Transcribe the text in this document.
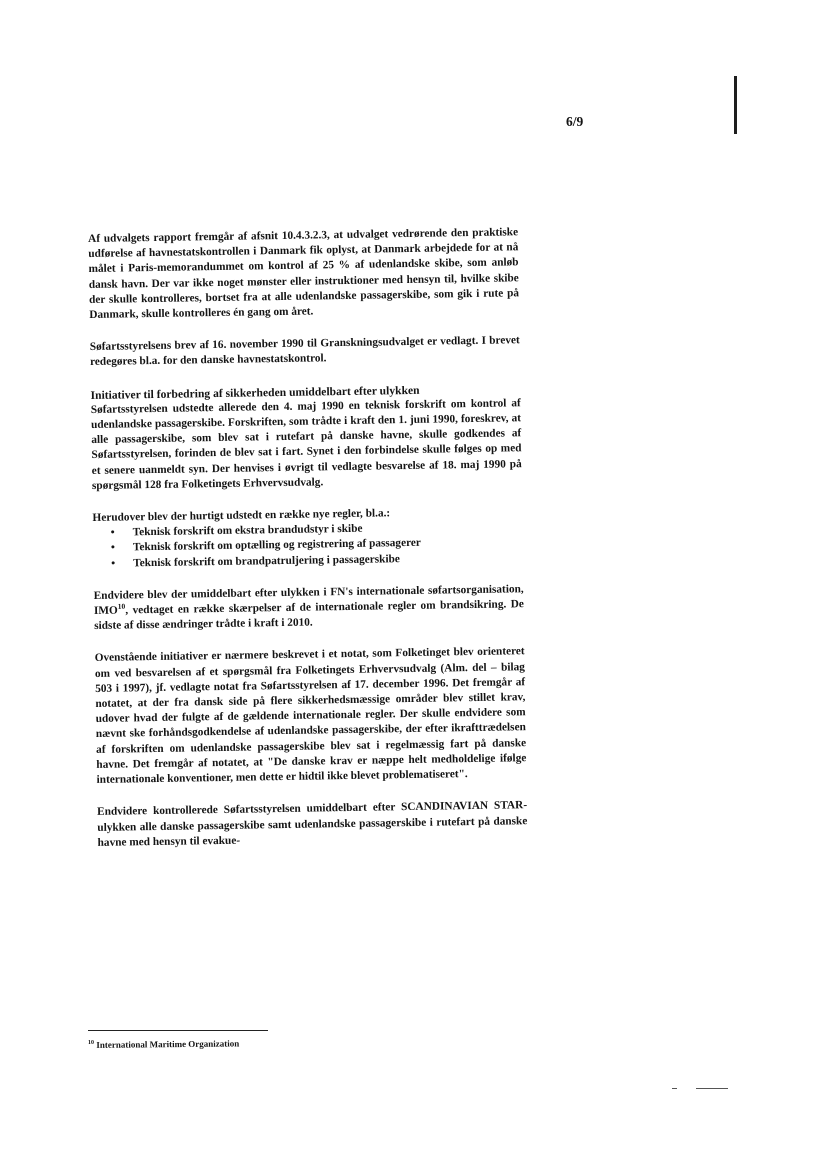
6/9

Af udvalgets rapport fremgår af afsnit 10.4.3.2.3, at udvalget vedrørende den praktiske udførelse af havnestatskontrollen i Danmark fik oplyst, at Danmark arbejdede for at nå målet i Paris-memorandummet om kontrol af 25 % af udenlandske skibe, som anløb dansk havn. Der var ikke noget mønster eller instruktioner med hensyn til, hvilke skibe der skulle kontrolleres, bortset fra at alle udenlandske passagerskibe, som gik i rute på Danmark, skulle kontrolleres én gang om året.

Søfartsstyrelsens brev af 16. november 1990 til Granskningsudvalget er vedlagt. I brevet redegøres bl.a. for den danske havnestatskontrol.

Initiativer til forbedring af sikkerheden umiddelbart efter ulykken

Søfartsstyrelsen udstedte allerede den 4. maj 1990 en teknisk forskrift om kontrol af udenlandske passagerskibe. Forskriften, som trådte i kraft den 1. juni 1990, foreskrev, at alle passagerskibe, som blev sat i rutefart på danske havne, skulle godkendes af Søfartsstyrelsen, forinden de blev sat i fart. Synet i den forbindelse skulle følges op med et senere uanmeldt syn. Der henvises i øvrigt til vedlagte besvarelse af 18. maj 1990 på spørgsmål 128 fra Folketingets Erhvervsudvalg.

Herudover blev der hurtigt udstedt en række nye regler, bl.a.:

• Teknisk forskrift om ekstra brandudstyr i skibe
• Teknisk forskrift om optælling og registrering af passagerer
• Teknisk forskrift om brandpatruljering i passagerskibe

Endvidere blev der umiddelbart efter ulykken i FN's internationale søfartsorganisation, IMO$^{10}$, vedtaget en række skærpelser af de internationale regler om brandsikring. De sidste af disse ændringer trådte i kraft i 2010.

Ovenstående initiativer er nærmere beskrevet i et notat, som Folketinget blev orienteret om ved besvarelsen af et spørgsmål fra Folketingets Erhvervsudvalg (Alm. del – bilag 503 i 1997), jf. vedlagte notat fra Søfartsstyrelsen af 17. december 1996. Det fremgår af notatet, at der fra dansk side på flere sikkerhedsmæssige områder blev stillet krav, udover hvad der fulgte af de gældende internationale regler. Der skulle endvidere som nævnt ske forhåndsgodkendelse af udenlandske passagerskibe, der efter ikrafttrædelsen af forskriften om udenlandske passagerskibe blev sat i regelmæssig fart på danske havne. Det fremgår af notatet, at "De danske krav er næppe helt medholdelige ifølge internationale konventioner, men dette er hidtil ikke blevet problematiseret".

Endvidere kontrollerede Søfartsstyrelsen umiddelbart efter SCANDINAVIAN STAR-ulykken alle danske passagerskibe samt udenlandske passagerskibe i rutefart på danske havne med hensyn til evakue-

$^{10}$ International Maritime Organization
